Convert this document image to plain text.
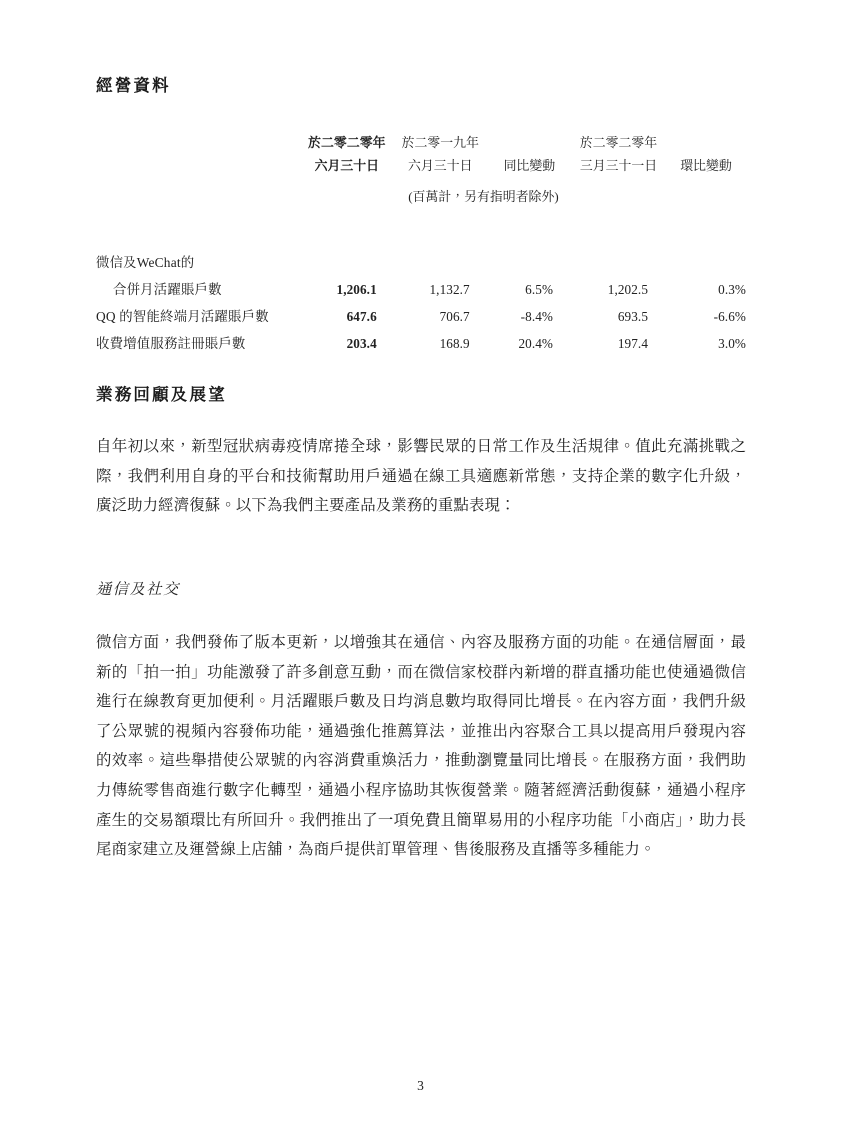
經營資料
	於二零二零年	於二零一九年		於二零二零年	
	六月三十日	六月三十日	同比變動	三月三十一日	環比變動
	(百萬計，另有指明者除外)				

微信及WeChat的					
合併月活躍賬戶數	1,206.1	1,132.7	6.5%	1,202.5	0.3%
QQ 的智能終端月活躍賬戶數	647.6	706.7	-8.4%	693.5	-6.6%
收費增值服務註冊賬戶數	203.4	168.9	20.4%	197.4	3.0%
業務回顧及展望
自年初以來，新型冠狀病毒疫情席捲全球，影響民眾的日常工作及生活規律。值此充滿挑戰之際，我們利用自身的平台和技術幫助用戶通過在線工具適應新常態，支持企業的數字化升級，廣泛助力經濟復蘇。以下為我們主要產品及業務的重點表現：
通信及社交
微信方面，我們發佈了版本更新，以增強其在通信、內容及服務方面的功能。在通信層面，最新的「拍一拍」功能激發了許多創意互動，而在微信家校群內新增的群直播功能也使通過微信進行在線教育更加便利。月活躍賬戶數及日均消息數均取得同比增長。在內容方面，我們升級了公眾號的視頻內容發佈功能，通過強化推薦算法，並推出內容聚合工具以提高用戶發現內容的效率。這些舉措使公眾號的內容消費重煥活力，推動瀏覽量同比增長。在服務方面，我們助力傳統零售商進行數字化轉型，通過小程序協助其恢復營業。隨著經濟活動復蘇，通過小程序產生的交易額環比有所回升。我們推出了一項免費且簡單易用的小程序功能「小商店」，助力長尾商家建立及運營線上店舖，為商戶提供訂單管理、售後服務及直播等多種能力。
3
